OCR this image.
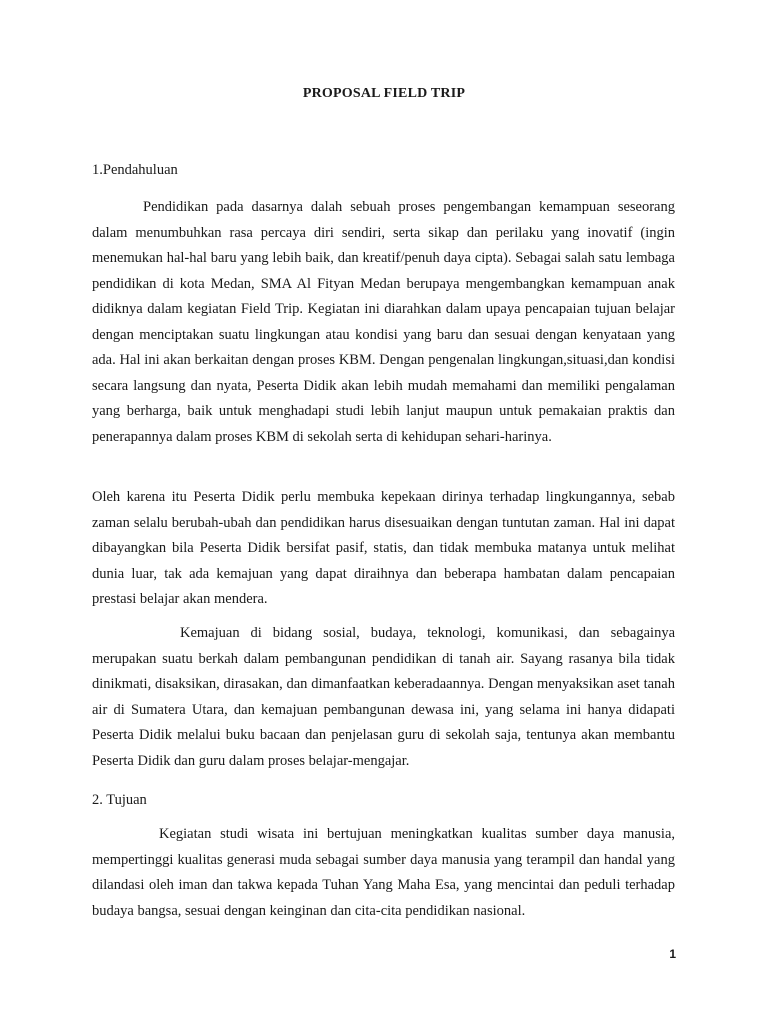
PROPOSAL FIELD TRIP
1.Pendahuluan

Pendidikan pada dasarnya dalah sebuah proses pengembangan kemampuan seseorang dalam menumbuhkan rasa percaya diri sendiri, serta sikap dan perilaku yang inovatif (ingin menemukan hal-hal baru yang lebih baik, dan kreatif/penuh daya cipta). Sebagai salah satu lembaga pendidikan di kota Medan, SMA Al Fityan Medan berupaya mengembangkan kemampuan anak didiknya dalam kegiatan Field Trip. Kegiatan ini diarahkan dalam upaya pencapaian tujuan belajar dengan menciptakan suatu lingkungan atau kondisi yang baru dan sesuai dengan kenyataan yang ada. Hal ini akan berkaitan dengan proses KBM. Dengan pengenalan lingkungan,situasi,dan kondisi secara langsung dan nyata, Peserta Didik akan lebih mudah memahami dan memiliki pengalaman yang berharga, baik untuk menghadapi studi lebih lanjut maupun untuk pemakaian praktis dan penerapannya dalam proses KBM di sekolah serta di kehidupan sehari-harinya.

Oleh karena itu Peserta Didik perlu membuka kepekaan dirinya terhadap lingkungannya, sebab zaman selalu berubah-ubah dan pendidikan harus disesuaikan dengan tuntutan zaman. Hal ini dapat dibayangkan bila Peserta Didik bersifat pasif, statis, dan tidak membuka matanya untuk melihat dunia luar, tak ada kemajuan yang dapat diraihnya dan beberapa hambatan dalam pencapaian prestasi belajar akan mendera.

Kemajuan di bidang sosial, budaya, teknologi, komunikasi, dan sebagainya merupakan suatu berkah dalam pembangunan pendidikan di tanah air. Sayang rasanya bila tidak dinikmati, disaksikan, dirasakan, dan dimanfaatkan keberadaannya. Dengan menyaksikan aset tanah air di Sumatera Utara, dan kemajuan pembangunan dewasa ini, yang selama ini hanya didapati Peserta Didik melalui buku bacaan dan penjelasan guru di sekolah saja, tentunya akan membantu Peserta Didik dan guru dalam proses belajar-mengajar.

2. Tujuan

Kegiatan studi wisata ini bertujuan meningkatkan kualitas sumber daya manusia, mempertinggi kualitas generasi muda sebagai sumber daya manusia yang terampil dan handal yang dilandasi oleh iman dan takwa kepada Tuhan Yang Maha Esa, yang mencintai dan peduli terhadap budaya bangsa, sesuai dengan keinginan dan cita-cita pendidikan nasional.

1
